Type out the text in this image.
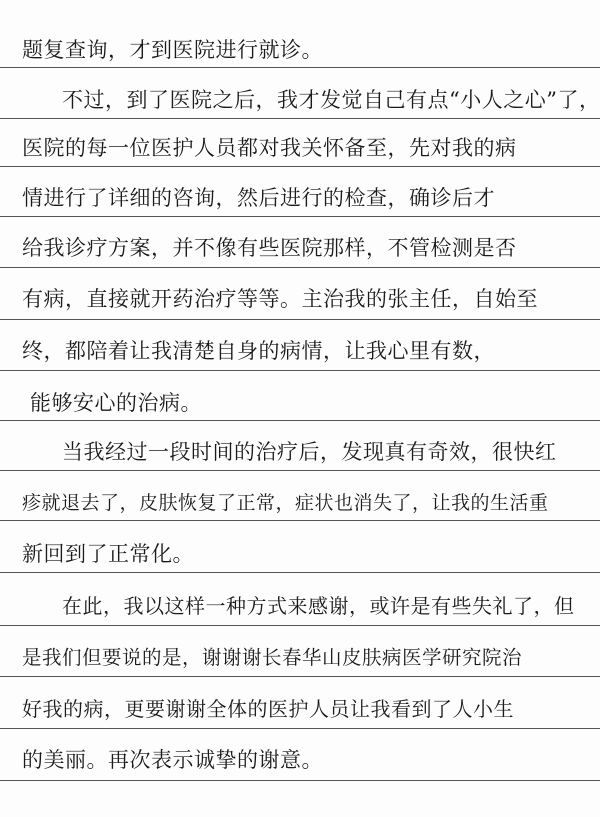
题复查询，才到医院进行就诊。
不过，到了医院之后，我才发觉自己有点“小人之心”了，
医院的每一位医护人员都对我关怀备至，先对我的病
情进行了详细的咨询，然后进行的检查，确诊后才
给我诊疗方案，并不像有些医院那样，不管检测是否
有病，直接就开药治疗等等。主治我的张主任，自始至
终，都陪着让我清楚自身的病情，让我心里有数，
能够安心的治病。
当我经过一段时间的治疗后，发现真有奇效，很快红
疹就退去了，皮肤恢复了正常，症状也消失了，让我的生活重
新回到了正常化。
在此，我以这样一种方式来感谢，或许是有些失礼了，但
是我们但要说的是，谢谢谢长春华山皮肤病医学研究院治
好我的病，更要谢谢全体的医护人员让我看到了人小生
的美丽。再次表示诚挚的谢意。
